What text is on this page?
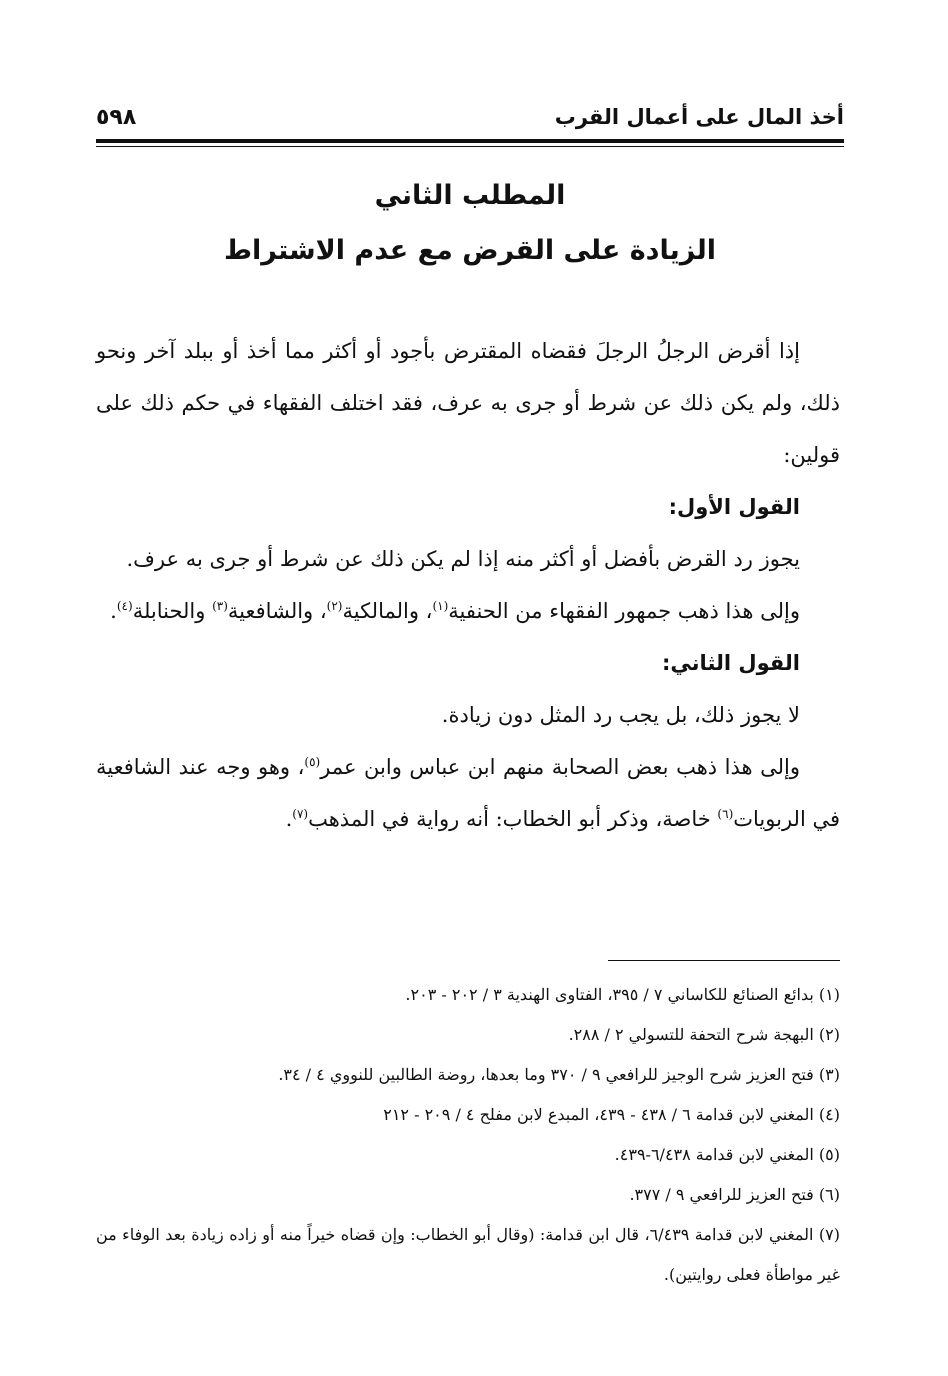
أخذ المال على أعمال القرب
٥٩٨
المطلب الثاني
الزيادة على القرض مع عدم الاشتراط

إذا أقرض الرجلُ الرجلَ فقضاه المقترض بأجود أو أكثر مما أخذ أو ببلد آخر ونحو ذلك، ولم يكن ذلك عن شرط أو جرى به عرف، فقد اختلف الفقهاء في حكم ذلك على قولين:

القول الأول:

يجوز رد القرض بأفضل أو أكثر منه إذا لم يكن ذلك عن شرط أو جرى به عرف.

وإلى هذا ذهب جمهور الفقهاء من الحنفية$^{(١)}$، والمالكية$^{(٢)}$، والشافعية$^{(٣)}$ والحنابلة$^{(٤)}$.

القول الثاني:

لا يجوز ذلك، بل يجب رد المثل دون زيادة.

وإلى هذا ذهب بعض الصحابة منهم ابن عباس وابن عمر$^{(٥)}$، وهو وجه عند الشافعية في الربويات$^{(٦)}$ خاصة، وذكر أبو الخطاب: أنه رواية في المذهب$^{(٧)}$.

(١) بدائع الصنائع للكاساني ٧ / ٣٩٥، الفتاوى الهندية ٣ / ٢٠٢ - ٢٠٣.

(٢) البهجة شرح التحفة للتسولي ٢ / ٢٨٨.

(٣) فتح العزيز شرح الوجيز للرافعي ٩ / ٣٧٠ وما بعدها، روضة الطالبين للنووي ٤ / ٣٤.

(٤) المغني لابن قدامة ٦ / ٤٣٨ - ٤٣٩، المبدع لابن مفلح ٤ / ٢٠٩ - ٢١٢

(٥) المغني لابن قدامة ٦/٤٣٨-٤٣٩.

(٦) فتح العزيز للرافعي ٩ / ٣٧٧.

(٧) المغني لابن قدامة ٦/٤٣٩، قال ابن قدامة: (وقال أبو الخطاب: وإن قضاه خيراً منه أو زاده زيادة بعد الوفاء من غير مواطأة فعلى روايتين).
